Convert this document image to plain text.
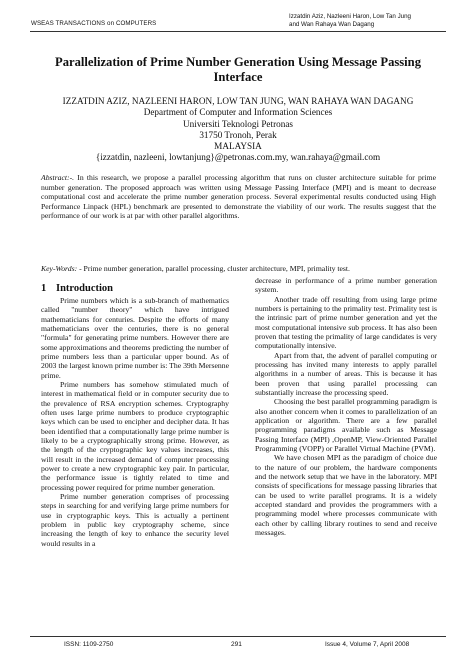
WSEAS TRANSACTIONS on COMPUTERS
Izzatdin Aziz, Nazleeni Haron, Low Tan Jung
and Wan Rahaya Wan Dagang
Parallelization of Prime Number Generation Using Message Passing Interface
IZZATDIN AZIZ, NAZLEENI HARON, LOW TAN JUNG, WAN RAHAYA WAN DAGANG
Department of Computer and Information Sciences
Universiti Teknologi Petronas
31750 Tronoh, Perak
MALAYSIA
{izzatdin, nazleeni, lowtanjung}@petronas.com.my, wan.rahaya@gmail.com

Abstract:-. In this research, we propose a parallel processing algorithm that runs on cluster architecture suitable for prime number generation. The proposed approach was written using Message Passing Interface (MPI) and is meant to decrease computational cost and accelerate the prime number generation process. Several experimental results conducted using High Performance Linpack (HPL) benchmark are presented to demonstrate the viability of our work. The results suggest that the performance of our work is at par with other parallel algorithms.

Key-Words: - Prime number generation, parallel processing, cluster architecture, MPI, primality test.

1 Introduction

Prime numbers which is a sub-branch of mathematics called "number theory" which have intrigued mathematicians for centuries. Despite the efforts of many mathematicians over the centuries, there is no general "formula" for generating prime numbers. However there are some approximations and theorems predicting the number of prime numbers less than a particular upper bound. As of 2003 the largest known prime number is: The 39th Mersenne prime.

Prime numbers has somehow stimulated much of interest in mathematical field or in computer security due to the prevalence of RSA encryption schemes. Cryptography often uses large prime numbers to produce cryptographic keys which can be used to encipher and decipher data. It has been identified that a computationally large prime number is likely to be a cryptographically strong prime. However, as the length of the cryptographic key values increases, this will result in the increased demand of computer processing power to create a new cryptographic key pair. In particular, the performance issue is tightly related to time and processing power required for prime number generation.

Prime number generation comprises of processing steps in searching for and verifying large prime numbers for use in cryptographic keys. This is actually a pertinent problem in public key cryptography scheme, since increasing the length of key to enhance the security level would results in a

decrease in performance of a prime number generation system.

Another trade off resulting from using large prime numbers is pertaining to the primality test. Primality test is the intrinsic part of prime number generation and yet the most computational intensive sub process. It has also been proven that testing the primality of large candidates is very computationally intensive.

Apart from that, the advent of parallel computing or processing has invited many interests to apply parallel algorithms in a number of areas. This is because it has been proven that using parallel processing can substantially increase the processing speed.

Choosing the best parallel programming paradigm is also another concern when it comes to parallelization of an application or algorithm. There are a few parallel programming paradigms available such as Message Passing Interface (MPI) ,OpenMP, View-Oriented Parallel Programming (VOPP) or Parallel Virtual Machine (PVM).

We have chosen MPI as the paradigm of choice due to the nature of our problem, the hardware components and the network setup that we have in the laboratory. MPI consists of specifications for message passing libraries that can be used to write parallel programs. It is a widely accepted standard and provides the programmers with a programming model where processes communicate with each other by calling library routines to send and receive messages.

ISSN: 1109-2750	291	Issue 4, Volume 7, April 2008
